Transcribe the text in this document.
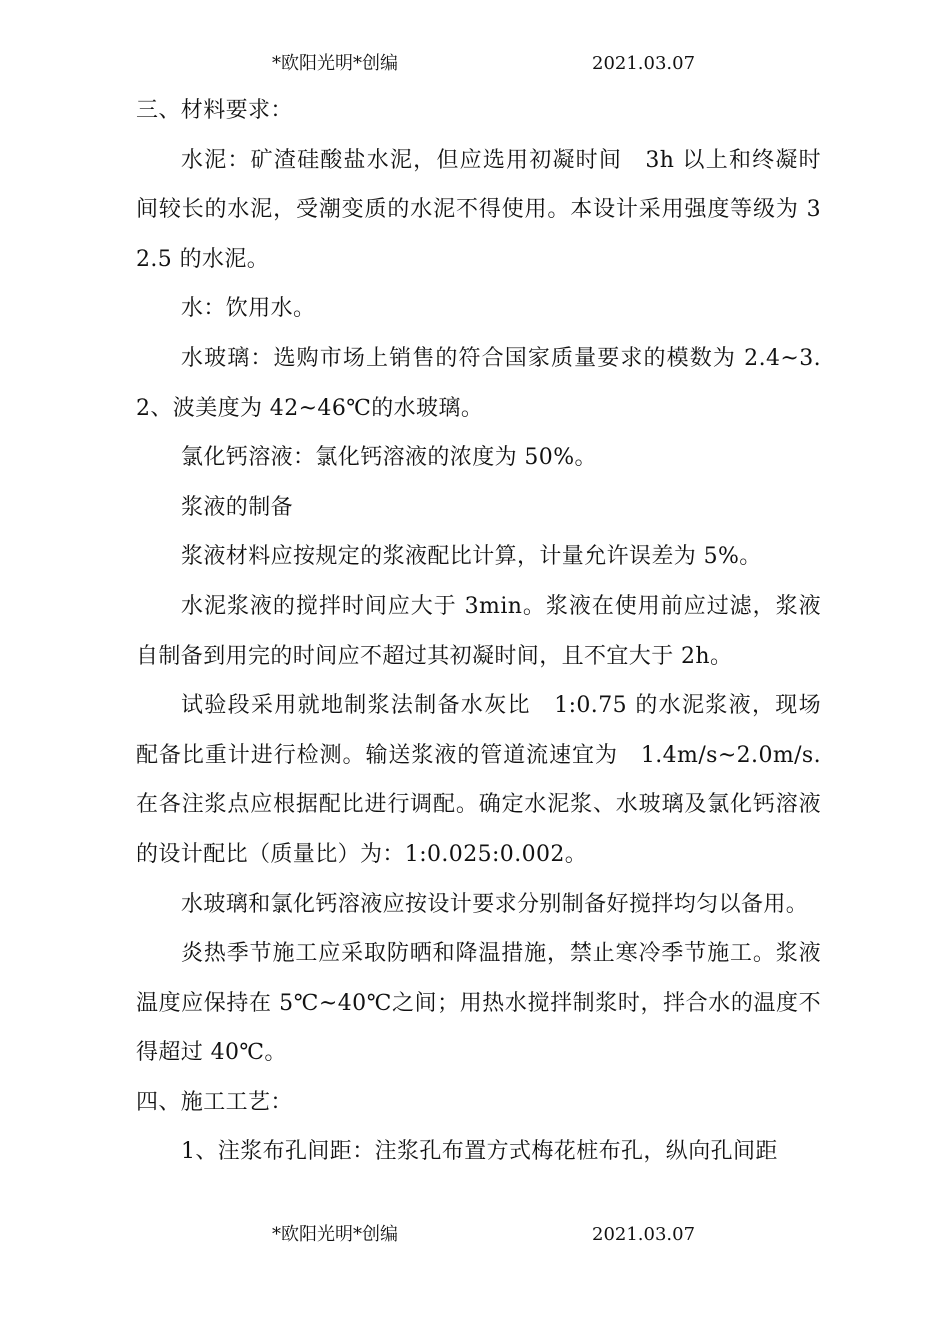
*欧阳光明*创编	2021.03.07

三、材料要求：

水泥：矿渣硅酸盐水泥，但应选用初凝时间　3h 以上和终凝时间较长的水泥，受潮变质的水泥不得使用。本设计采用强度等级为 32.5 的水泥。

水：饮用水。

水玻璃：选购市场上销售的符合国家质量要求的模数为 2.4~3.2、波美度为 42~46℃的水玻璃。

氯化钙溶液：氯化钙溶液的浓度为 50%。

浆液的制备

浆液材料应按规定的浆液配比计算，计量允许误差为 5%。

水泥浆液的搅拌时间应大于 3min。浆液在使用前应过滤，浆液自制备到用完的时间应不超过其初凝时间，且不宜大于 2h。

试验段采用就地制浆法制备水灰比　1:0.75 的水泥浆液，现场配备比重计进行检测。输送浆液的管道流速宜为　1.4m/s~2.0m/s.在各注浆点应根据配比进行调配。确定水泥浆、水玻璃及氯化钙溶液的设计配比（质量比）为：1:0.025:0.002。

水玻璃和氯化钙溶液应按设计要求分别制备好搅拌均匀以备用。

炎热季节施工应采取防晒和降温措施，禁止寒冷季节施工。浆液温度应保持在 5℃~40℃之间；用热水搅拌制浆时，拌合水的温度不得超过 40℃。

四、施工工艺：

1、注浆布孔间距：注浆孔布置方式梅花桩布孔，纵向孔间距

*欧阳光明*创编	2021.03.07
